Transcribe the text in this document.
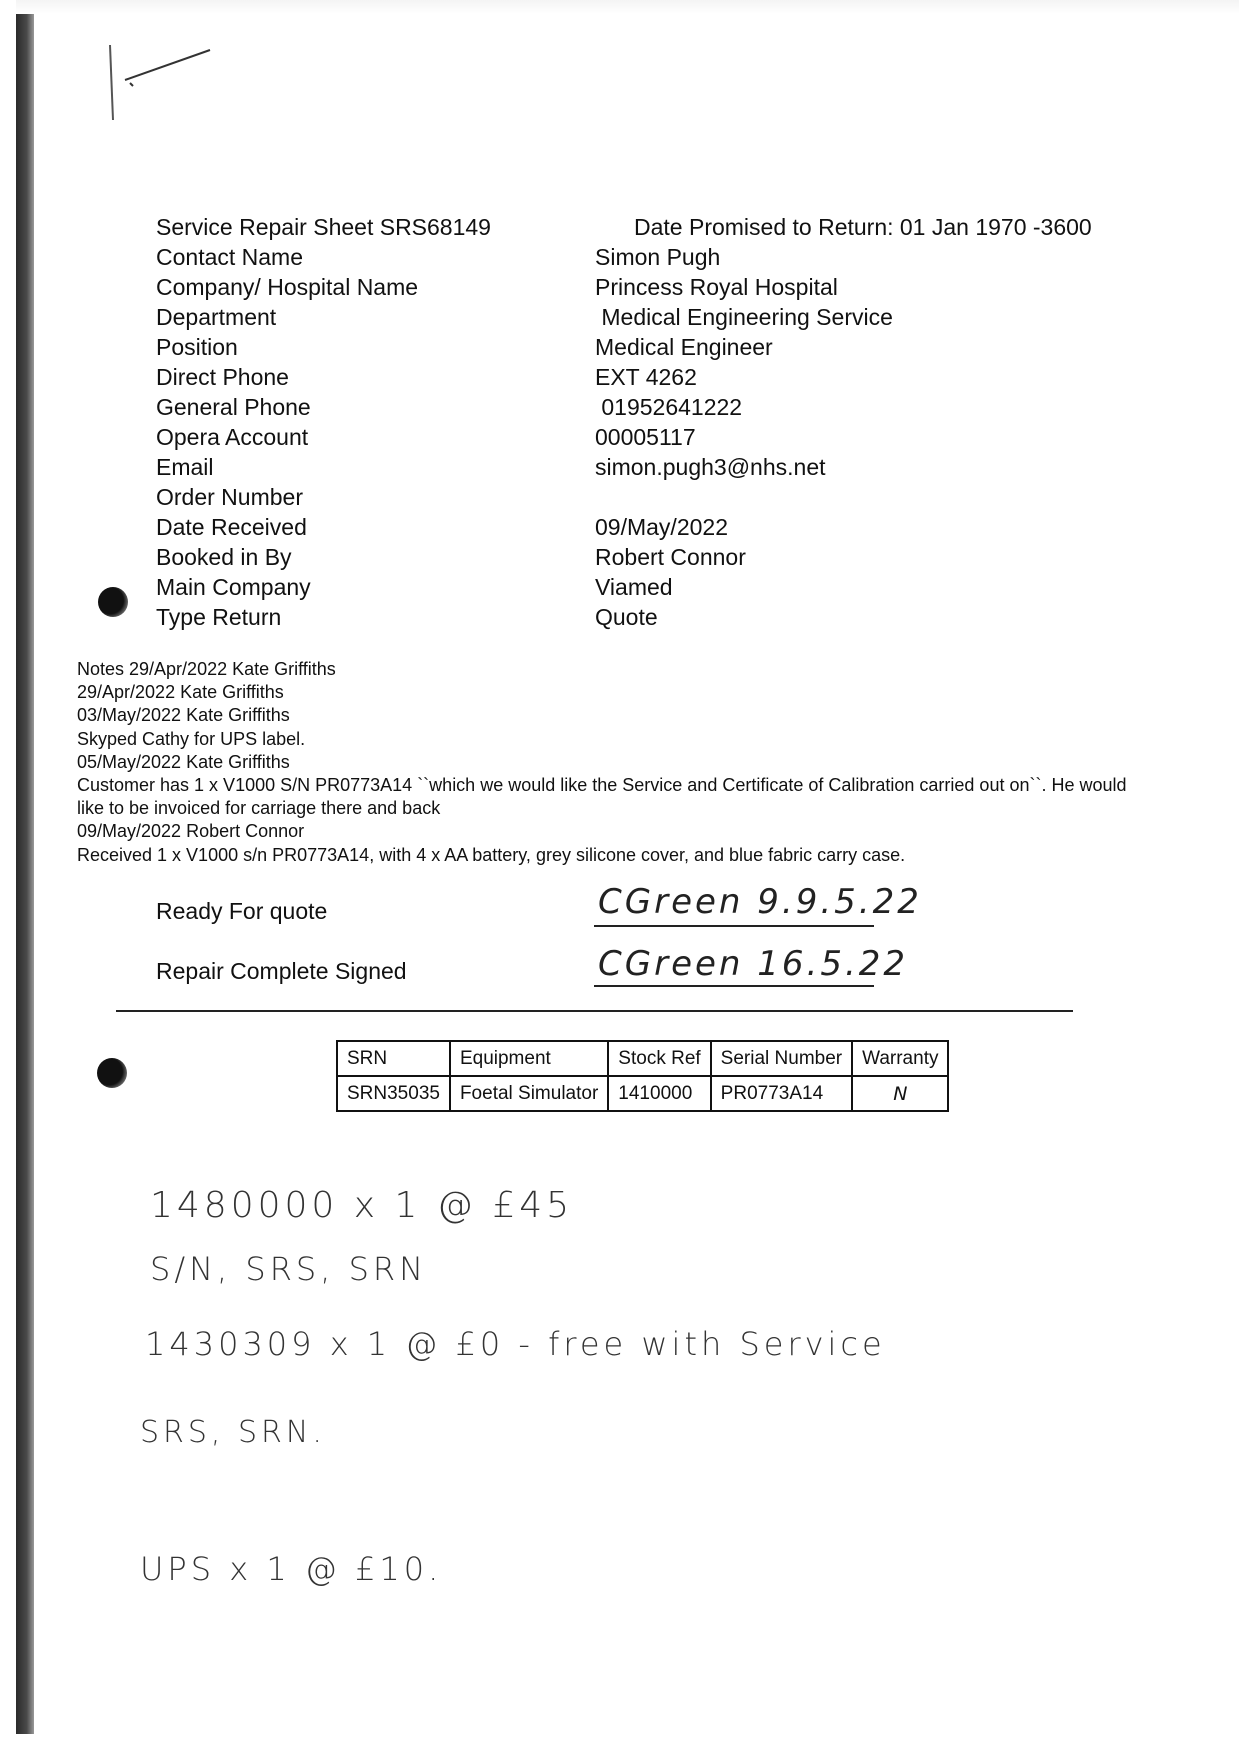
Service Repair Sheet SRS68149	Date Promised to Return: 01 Jan 1970 -3600
Contact Name	Simon Pugh
Company/ Hospital Name	Princess Royal Hospital
Department	Medical Engineering Service
Position	Medical Engineer
Direct Phone	EXT 4262
General Phone	01952641222
Opera Account	00005117
Email	simon.pugh3@nhs.net
Order Number
Date Received	09/May/2022
Booked in By	Robert Connor
Main Company	Viamed
Type Return	Quote
Notes 29/Apr/2022 Kate Griffiths
29/Apr/2022 Kate Griffiths
03/May/2022 Kate Griffiths
Skyped Cathy for UPS label.
05/May/2022 Kate Griffiths
Customer has 1 x V1000 S/N PR0773A14 ``which we would like the Service and Certificate of Calibration carried out on``. He would
like to be invoiced for carriage there and back
09/May/2022 Robert Connor
Received 1 x V1000 s/n PR0773A14, with 4 x AA battery, grey silicone cover, and blue fabric carry case.
Ready For quote	CGreen 9.9.5.22
Repair Complete Signed	CGreen 16.5.22
SRN	Equipment	Stock Ref	Serial Number	Warranty
SRN35035	Foetal Simulator	1410000	PR0773A14	N
1480000 x 1 @ £45
S/N, SRS, SRN
1430309 x 1 @ £0 - free with Service
SRS, SRN.
UPS x 1 @ £10.
